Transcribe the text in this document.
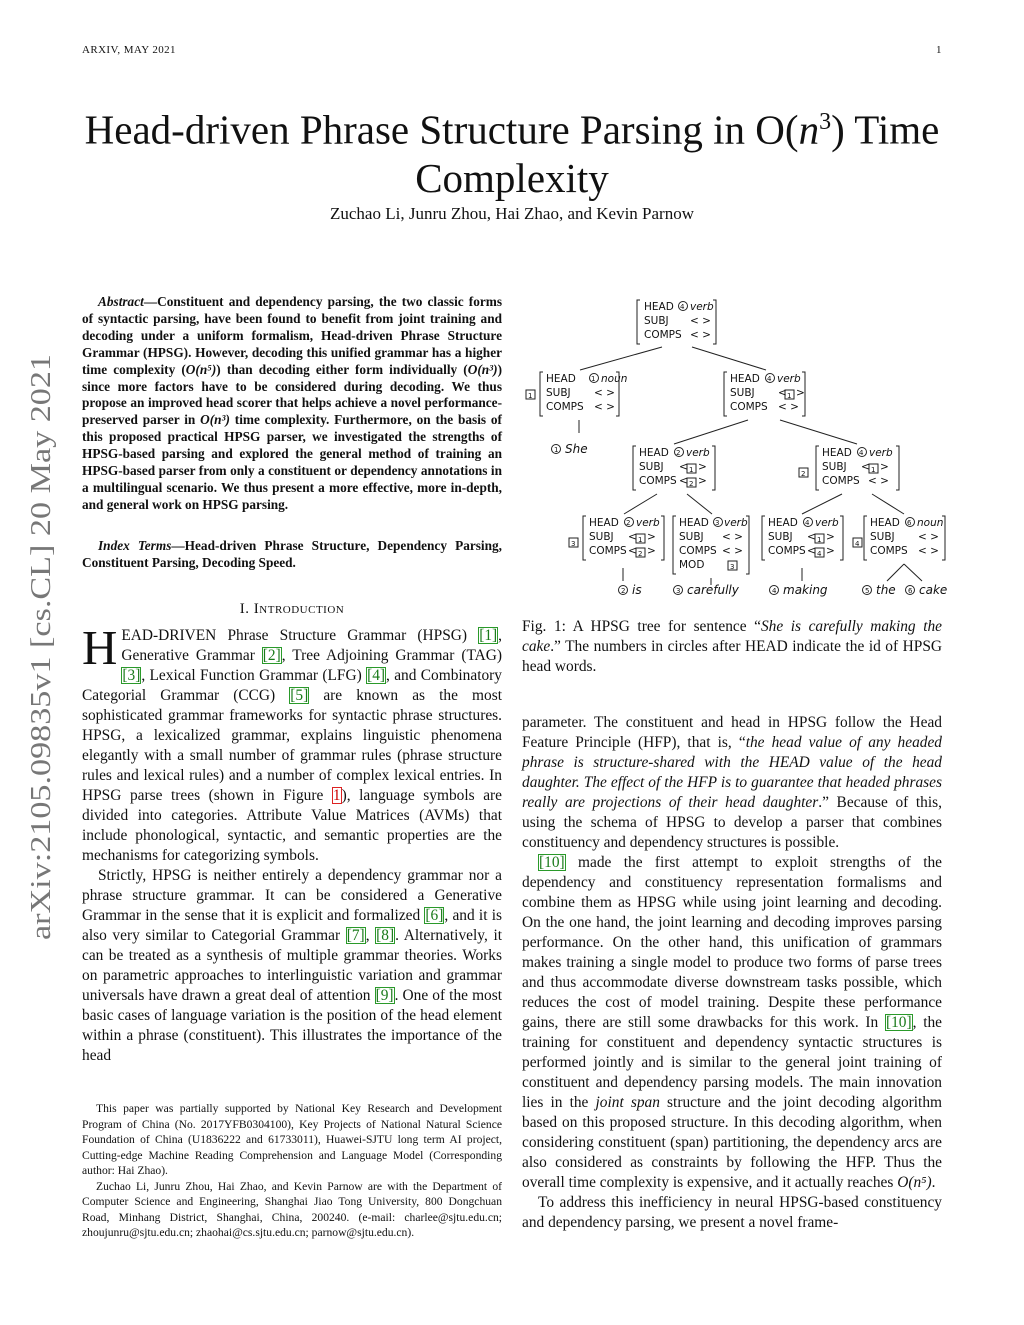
ARXIV, MAY 2021	1
Head-driven Phrase Structure Parsing in $O(n^3)$ Time
Complexity
Zuchao Li, Junru Zhou, Hai Zhao, and Kevin Parnow
arXiv:2105.09835v1 [cs.CL] 20 May 2021

Abstract—Constituent and dependency parsing, the two classic forms of syntactic parsing, have been found to benefit from joint training and decoding under a uniform formalism, Head-driven Phrase Structure Grammar (HPSG). However, decoding this unified grammar has a higher time complexity (O(n⁵)) than decoding either form individually (O(n³)) since more factors have to be considered during decoding. We thus propose an improved head scorer that helps achieve a novel performance-preserved parser in O(n³) time complexity. Furthermore, on the basis of this proposed practical HPSG parser, we investigated the strengths of HPSG-based parsing and explored the general method of training an HPSG-based parser from only a constituent or dependency annotations in a multilingual scenario. We thus present a more effective, more in-depth, and general work on HPSG parsing.

Index Terms—Head-driven Phrase Structure, Dependency Parsing, Constituent Parsing, Decoding Speed.
I. Introduction

HEAD-DRIVEN Phrase Structure Grammar (HPSG) [1], Generative Grammar [2], Tree Adjoining Grammar (TAG) [3], Lexical Function Grammar (LFG) [4], and Combinatory Categorial Grammar (CCG) [5] are known as the most sophisticated grammar frameworks for syntactic phrase structures. HPSG, a lexicalized grammar, explains linguistic phenomena elegantly with a small number of grammar rules (phrase structure rules and lexical rules) and a number of complex lexical entries. In HPSG parse trees (shown in Figure 1), language symbols are divided into categories. Attribute Value Matrices (AVMs) that include phonological, syntactic, and semantic properties are the mechanisms for categorizing symbols.

Strictly, HPSG is neither entirely a dependency grammar nor a phrase structure grammar. It can be considered a Generative Grammar in the sense that it is explicit and formalized [6], and it is also very similar to Categorial Grammar [7], [8]. Alternatively, it can be treated as a synthesis of multiple grammar theories. Works on parametric approaches to interlinguistic variation and grammar universals have drawn a great deal of attention [9]. One of the most basic cases of language variation is the position of the head element within a phrase (constituent). This illustrates the importance of the head

This paper was partially supported by National Key Research and Development Program of China (No. 2017YFB0304100), Key Projects of National Natural Science Foundation of China (U1836222 and 61733011), Huawei-SJTU long term AI project, Cutting-edge Machine Reading Comprehension and Language Model (Corresponding author: Hai Zhao).

Zuchao Li, Junru Zhou, Hai Zhao, and Kevin Parnow are with the Department of Computer Science and Engineering, Shanghai Jiao Tong University, 800 Dongchuan Road, Minhang District, Shanghai, China, 200240. (e-mail: charlee@sjtu.edu.cn; zhoujunru@sjtu.edu.cn; zhaohai@cs.sjtu.edu.cn; parnow@sjtu.edu.cn).

HEAD 4 verb
SUBJ < >
COMPS < >
1
HEAD 1 noun
SUBJ < >
COMPS < >
HEAD 4 verb
SUBJ < 1 >
COMPS < >
1 She	HEAD 2 verb
SUBJ < 1 >
COMPS < 2 >
2
HEAD 4 verb
SUBJ < 1 >
COMPS < >
3
HEAD 2 verb
SUBJ < 1 >
COMPS < 2 >
HEAD 3 verb
SUBJ < >
COMPS < >
MOD	3
HEAD 4 verb
SUBJ < 1 >
COMPS < 4 >
4
HEAD 6 noun
SUBJ < >
COMPS < >
2 is	3 carefully	4 making	5 the 6 cake
Fig. 1: A HPSG tree for sentence “She is carefully making the cake.” The numbers in circles after HEAD indicate the id of HPSG head words.

parameter. The constituent and head in HPSG follow the Head Feature Principle (HFP), that is, “the head value of any headed phrase is structure-shared with the HEAD value of the head daughter. The effect of the HFP is to guarantee that headed phrases really are projections of their head daughter.” Because of this, using the schema of HPSG to develop a parser that combines constituency and dependency structures is possible.

[10] made the first attempt to exploit strengths of the dependency and constituency representation formalisms and combine them as HPSG while using joint learning and decoding. On the one hand, the joint learning and decoding improves parsing performance. On the other hand, this unification of grammars makes training a single model to produce two forms of parse trees and thus accommodate diverse downstream tasks possible, which reduces the cost of model training. Despite these performance gains, there are still some drawbacks for this work. In [10], the training for constituent and dependency syntactic structures is performed jointly and is similar to the general joint training of constituent and dependency parsing models. The main innovation lies in the joint span structure and the joint decoding algorithm based on this proposed structure. In this decoding algorithm, when considering constituent (span) partitioning, the dependency arcs are also considered as constraints by following the HFP. Thus the overall time complexity is expensive, and it actually reaches O(n⁵).

To address this inefficiency in neural HPSG-based constituency and dependency parsing, we present a novel frame-
